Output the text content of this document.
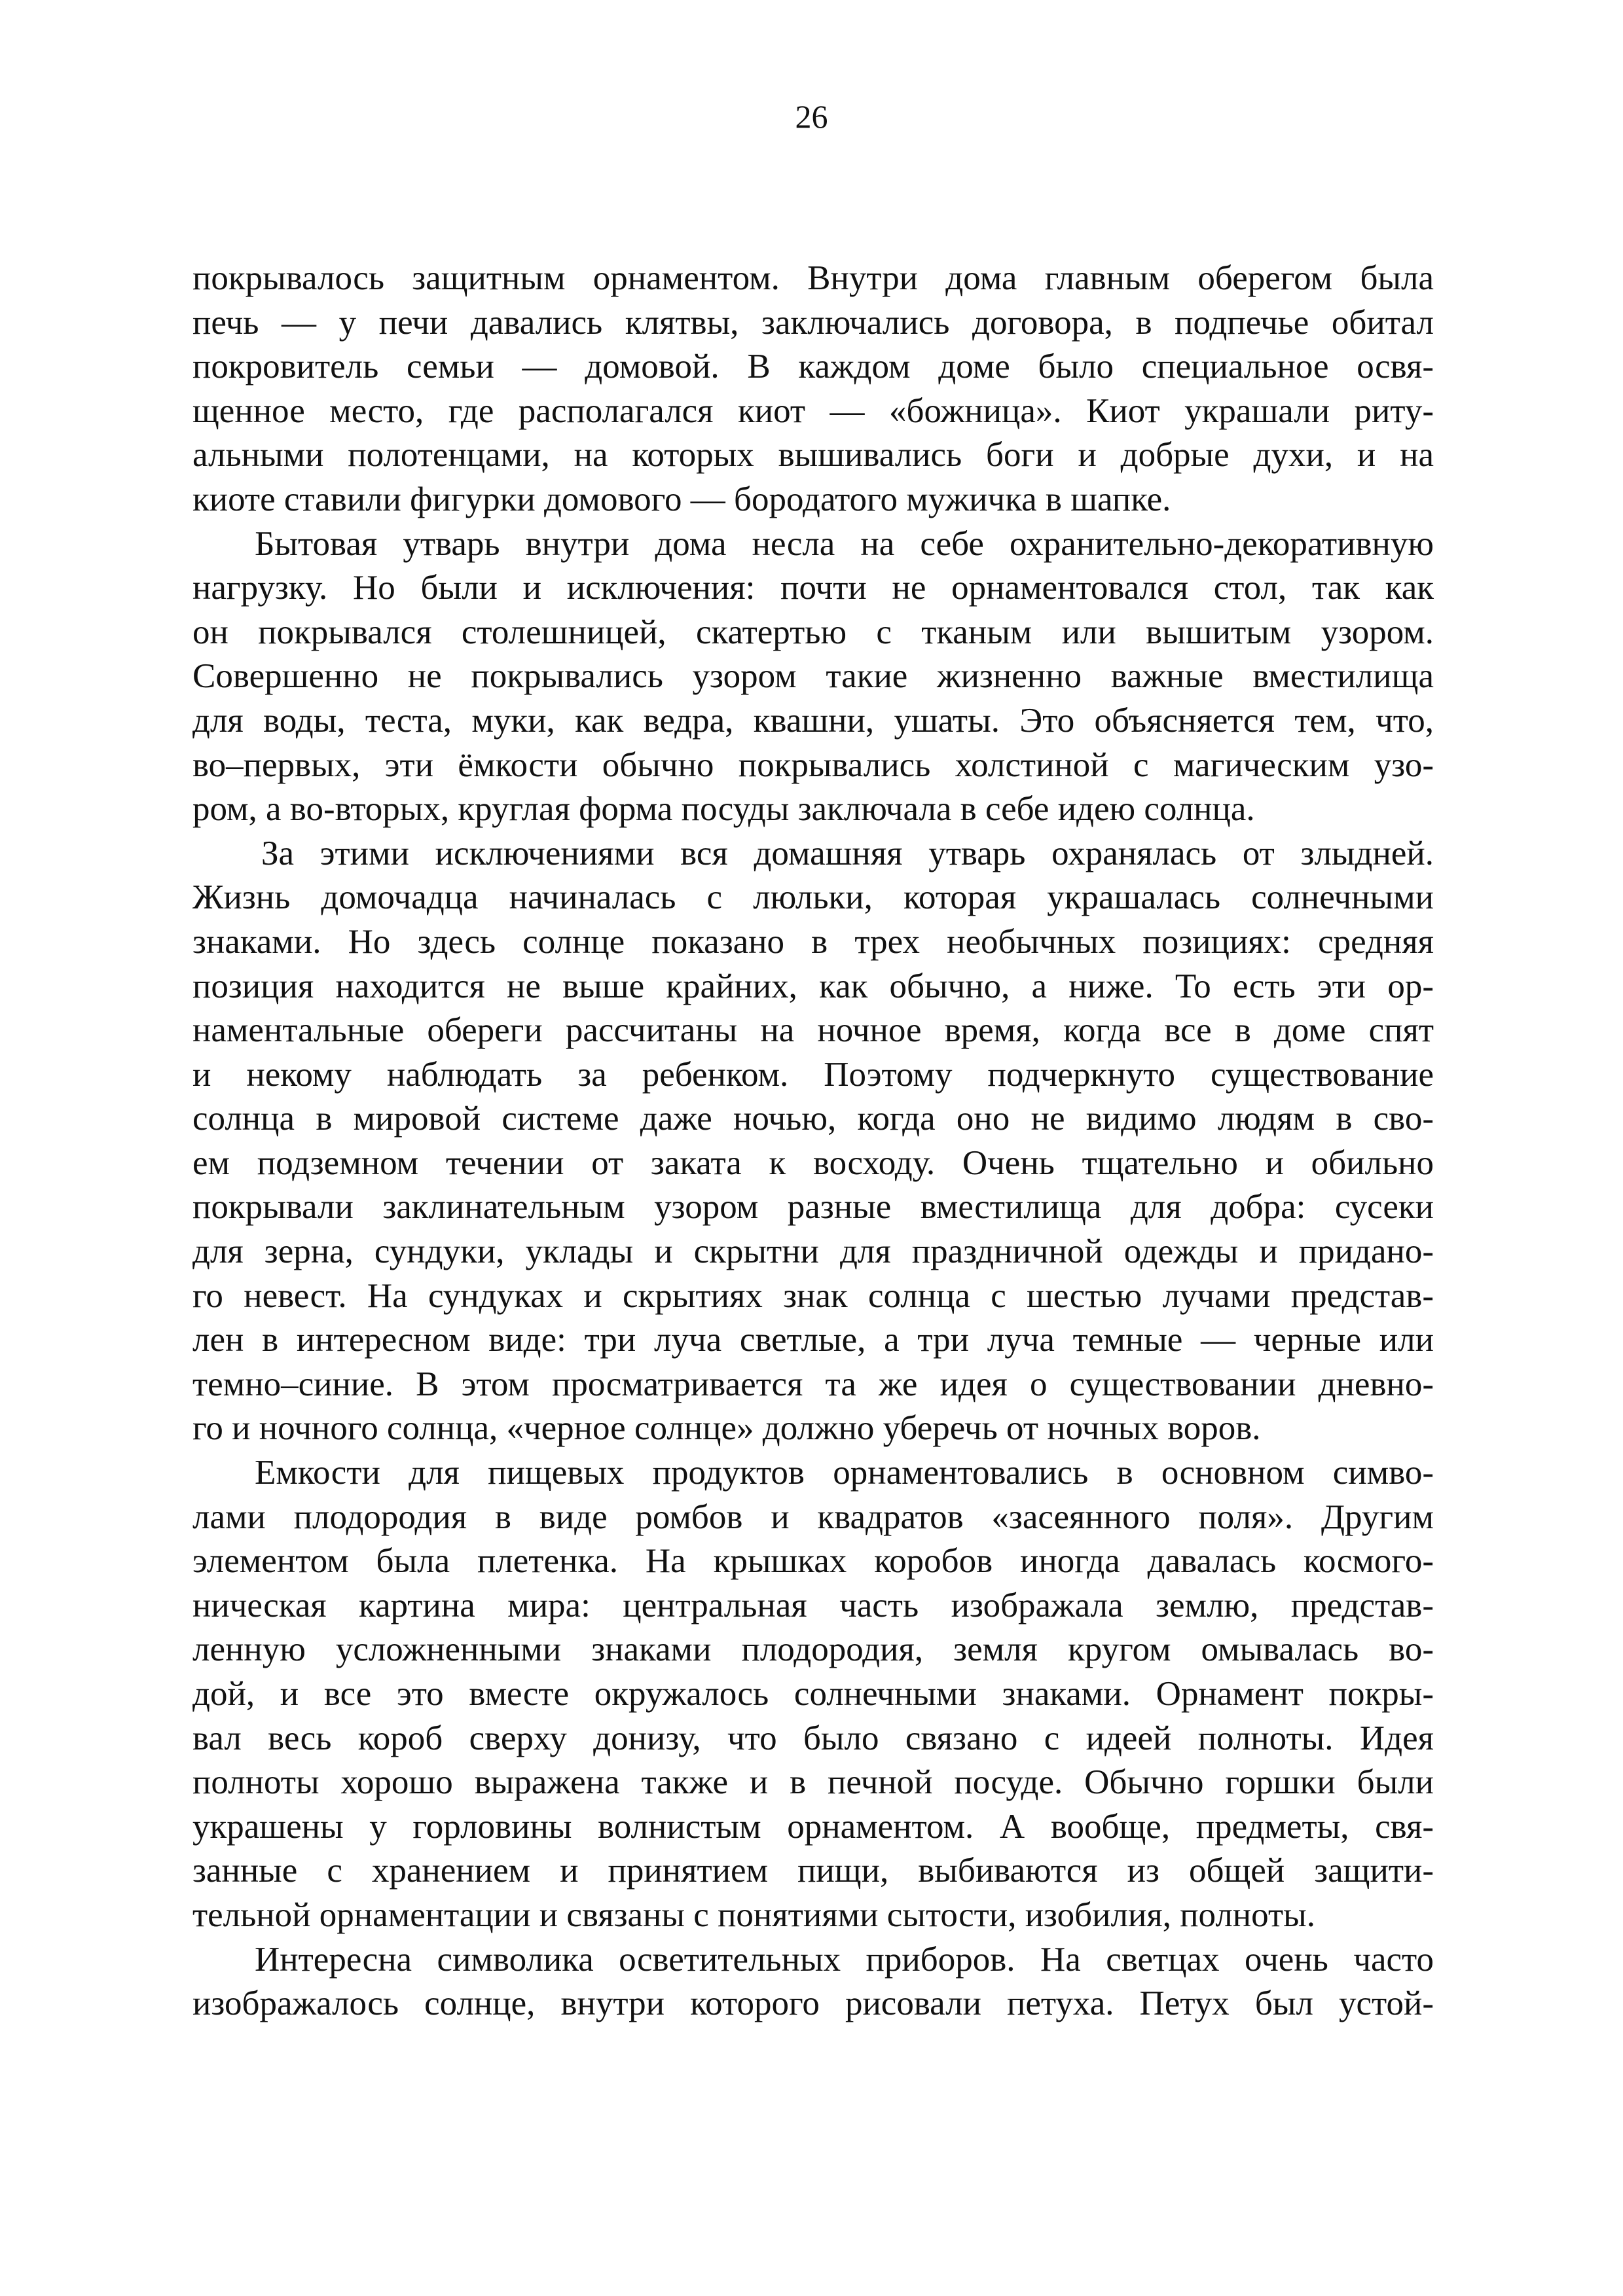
26
покрывалось защитным орнаментом. Внутри дома главным оберегом была
печь — у печи давались клятвы, заключались договора, в подпечье обитал
покровитель семьи — домовой. В каждом доме было специальное освя-
щенное место, где располагался киот — «божница». Киот украшали риту-
альными полотенцами, на которых вышивались боги и добрые духи, и на
киоте ставили фигурки домового — бородатого мужичка в шапке.
Бытовая утварь внутри дома несла на себе охранительно-декоративную
нагрузку. Но были и исключения: почти не орнаментовался стол, так как
он покрывался столешницей, скатертью с тканым или вышитым узором.
Совершенно не покрывались узором такие жизненно важные вместилища
для воды, теста, муки, как ведра, квашни, ушаты. Это объясняется тем, что,
во–первых, эти ёмкости обычно покрывались холстиной с магическим узо-
ром, а во-вторых, круглая форма посуды заключала в себе идею солнца.
За этими исключениями вся домашняя утварь охранялась от злыдней.
Жизнь домочадца начиналась с люльки, которая украшалась солнечными
знаками. Но здесь солнце показано в трех необычных позициях: средняя
позиция находится не выше крайних, как обычно, а ниже. То есть эти ор-
наментальные обереги рассчитаны на ночное время, когда все в доме спят
и некому наблюдать за ребенком. Поэтому подчеркнуто существование
солнца в мировой системе даже ночью, когда оно не видимо людям в сво-
ем подземном течении от заката к восходу. Очень тщательно и обильно
покрывали заклинательным узором разные вместилища для добра: сусеки
для зерна, сундуки, уклады и скрытни для праздничной одежды и придано-
го невест. На сундуках и скрытиях знак солнца с шестью лучами представ-
лен в интересном виде: три луча светлые, а три луча темные — черные или
темно–синие. В этом просматривается та же идея о существовании дневно-
го и ночного солнца, «черное солнце» должно уберечь от ночных воров.
Емкости для пищевых продуктов орнаментовались в основном симво-
лами плодородия в виде ромбов и квадратов «засеянного поля». Другим
элементом была плетенка. На крышках коробов иногда давалась космого-
ническая картина мира: центральная часть изображала землю, представ-
ленную усложненными знаками плодородия, земля кругом омывалась во-
дой, и все это вместе окружалось солнечными знаками. Орнамент покры-
вал весь короб сверху донизу, что было связано с идеей полноты. Идея
полноты хорошо выражена также и в печной посуде. Обычно горшки были
украшены у горловины волнистым орнаментом. А вообще, предметы, свя-
занные с хранением и принятием пищи, выбиваются из общей защити-
тельной орнаментации и связаны с понятиями сытости, изобилия, полноты.
Интересна символика осветительных приборов. На светцах очень часто
изображалось солнце, внутри которого рисовали петуха. Петух был устой-
